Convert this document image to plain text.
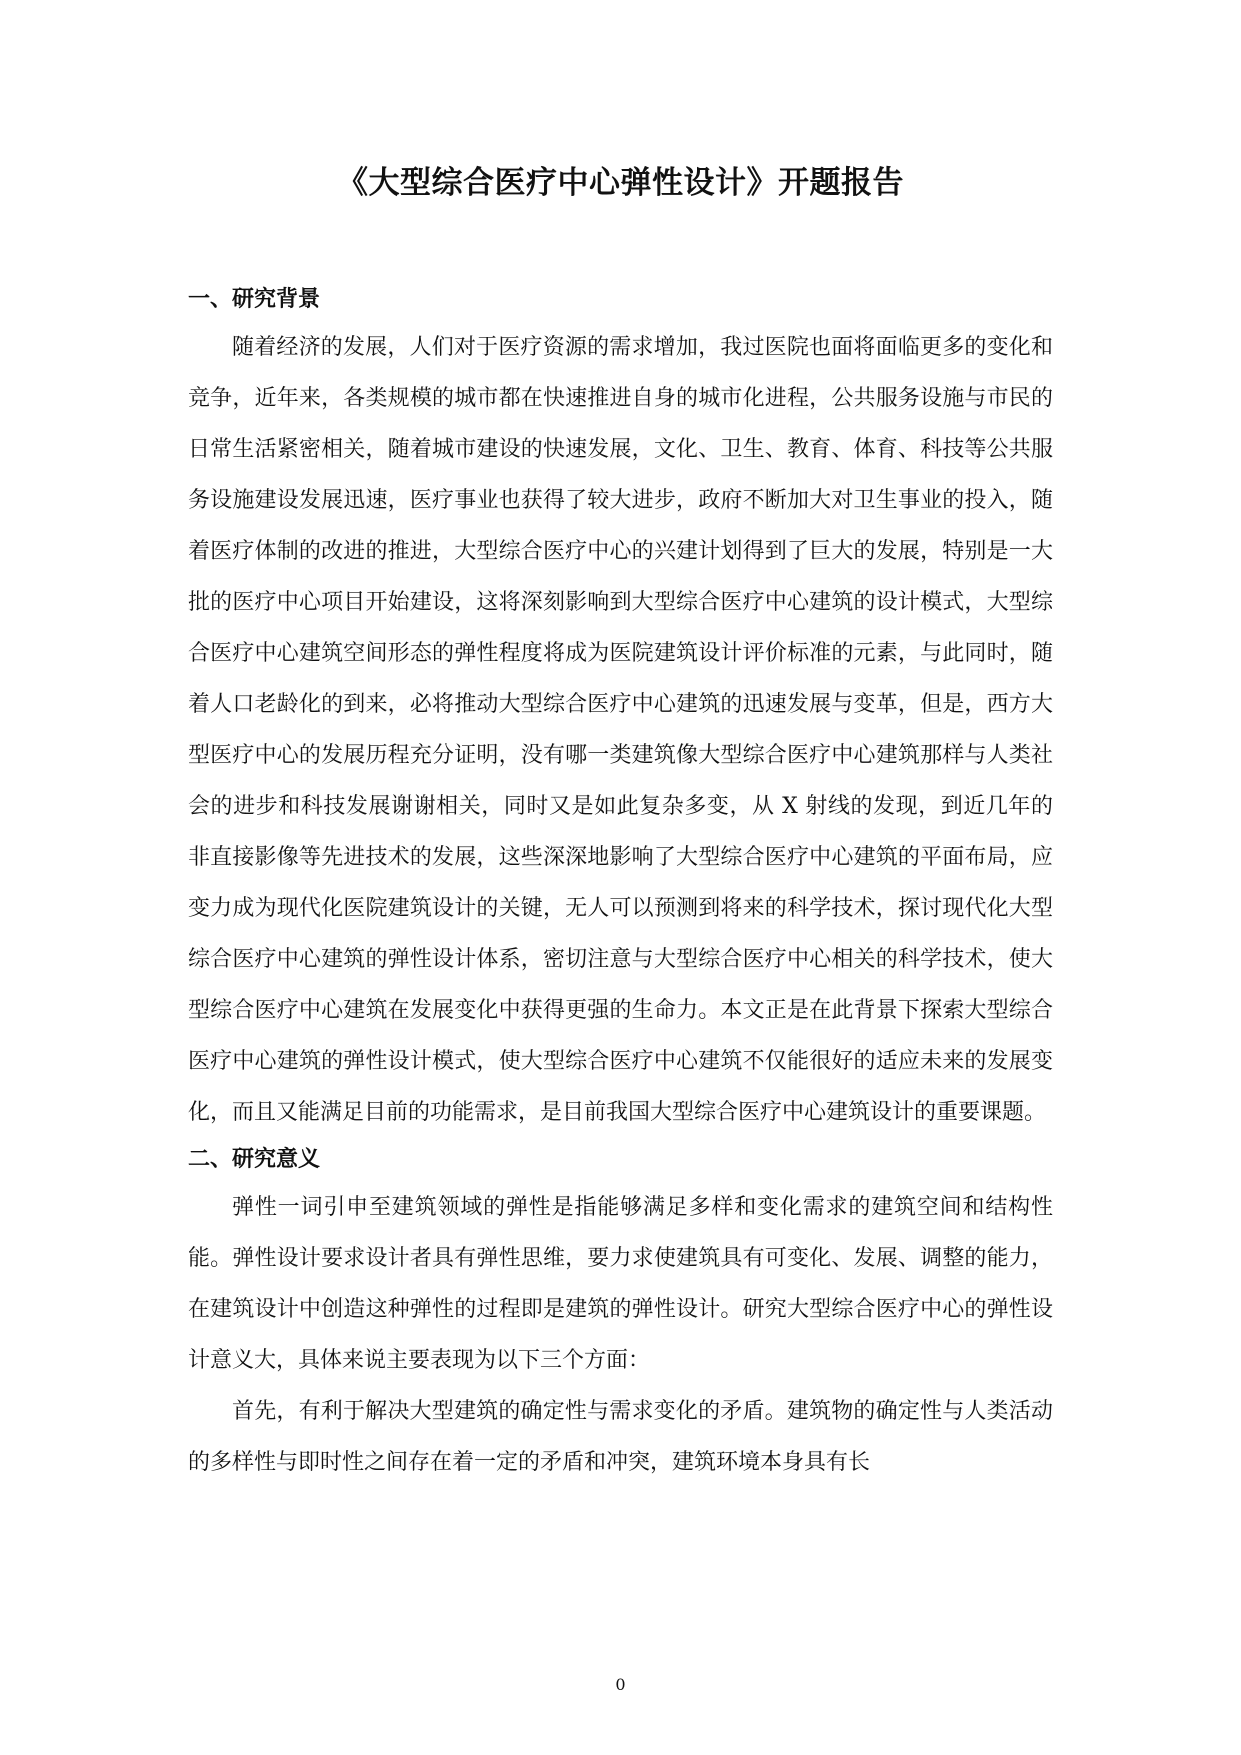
《大型综合医疗中心弹性设计》开题报告
一、研究背景

随着经济的发展，人们对于医疗资源的需求增加，我过医院也面将面临更多的变化和竞争，近年来，各类规模的城市都在快速推进自身的城市化进程，公共服务设施与市民的日常生活紧密相关，随着城市建设的快速发展，文化、卫生、教育、体育、科技等公共服务设施建设发展迅速，医疗事业也获得了较大进步，政府不断加大对卫生事业的投入，随着医疗体制的改进的推进，大型综合医疗中心的兴建计划得到了巨大的发展，特别是一大批的医疗中心项目开始建设，这将深刻影响到大型综合医疗中心建筑的设计模式，大型综合医疗中心建筑空间形态的弹性程度将成为医院建筑设计评价标准的元素，与此同时，随着人口老龄化的到来，必将推动大型综合医疗中心建筑的迅速发展与变革，但是，西方大型医疗中心的发展历程充分证明，没有哪一类建筑像大型综合医疗中心建筑那样与人类社会的进步和科技发展谢谢相关，同时又是如此复杂多变，从 X 射线的发现，到近几年的非直接影像等先进技术的发展，这些深深地影响了大型综合医疗中心建筑的平面布局，应变力成为现代化医院建筑设计的关键，无人可以预测到将来的科学技术，探讨现代化大型综合医疗中心建筑的弹性设计体系，密切注意与大型综合医疗中心相关的科学技术，使大型综合医疗中心建筑在发展变化中获得更强的生命力。本文正是在此背景下探索大型综合医疗中心建筑的弹性设计模式，使大型综合医疗中心建筑不仅能很好的适应未来的发展变化，而且又能满足目前的功能需求，是目前我国大型综合医疗中心建筑设计的重要课题。

二、研究意义

弹性一词引申至建筑领域的弹性是指能够满足多样和变化需求的建筑空间和结构性能。弹性设计要求设计者具有弹性思维，要力求使建筑具有可变化、发展、调整的能力，在建筑设计中创造这种弹性的过程即是建筑的弹性设计。研究大型综合医疗中心的弹性设计意义大，具体来说主要表现为以下三个方面：

首先，有利于解决大型建筑的确定性与需求变化的矛盾。建筑物的确定性与人类活动的多样性与即时性之间存在着一定的矛盾和冲突，建筑环境本身具有长

0
